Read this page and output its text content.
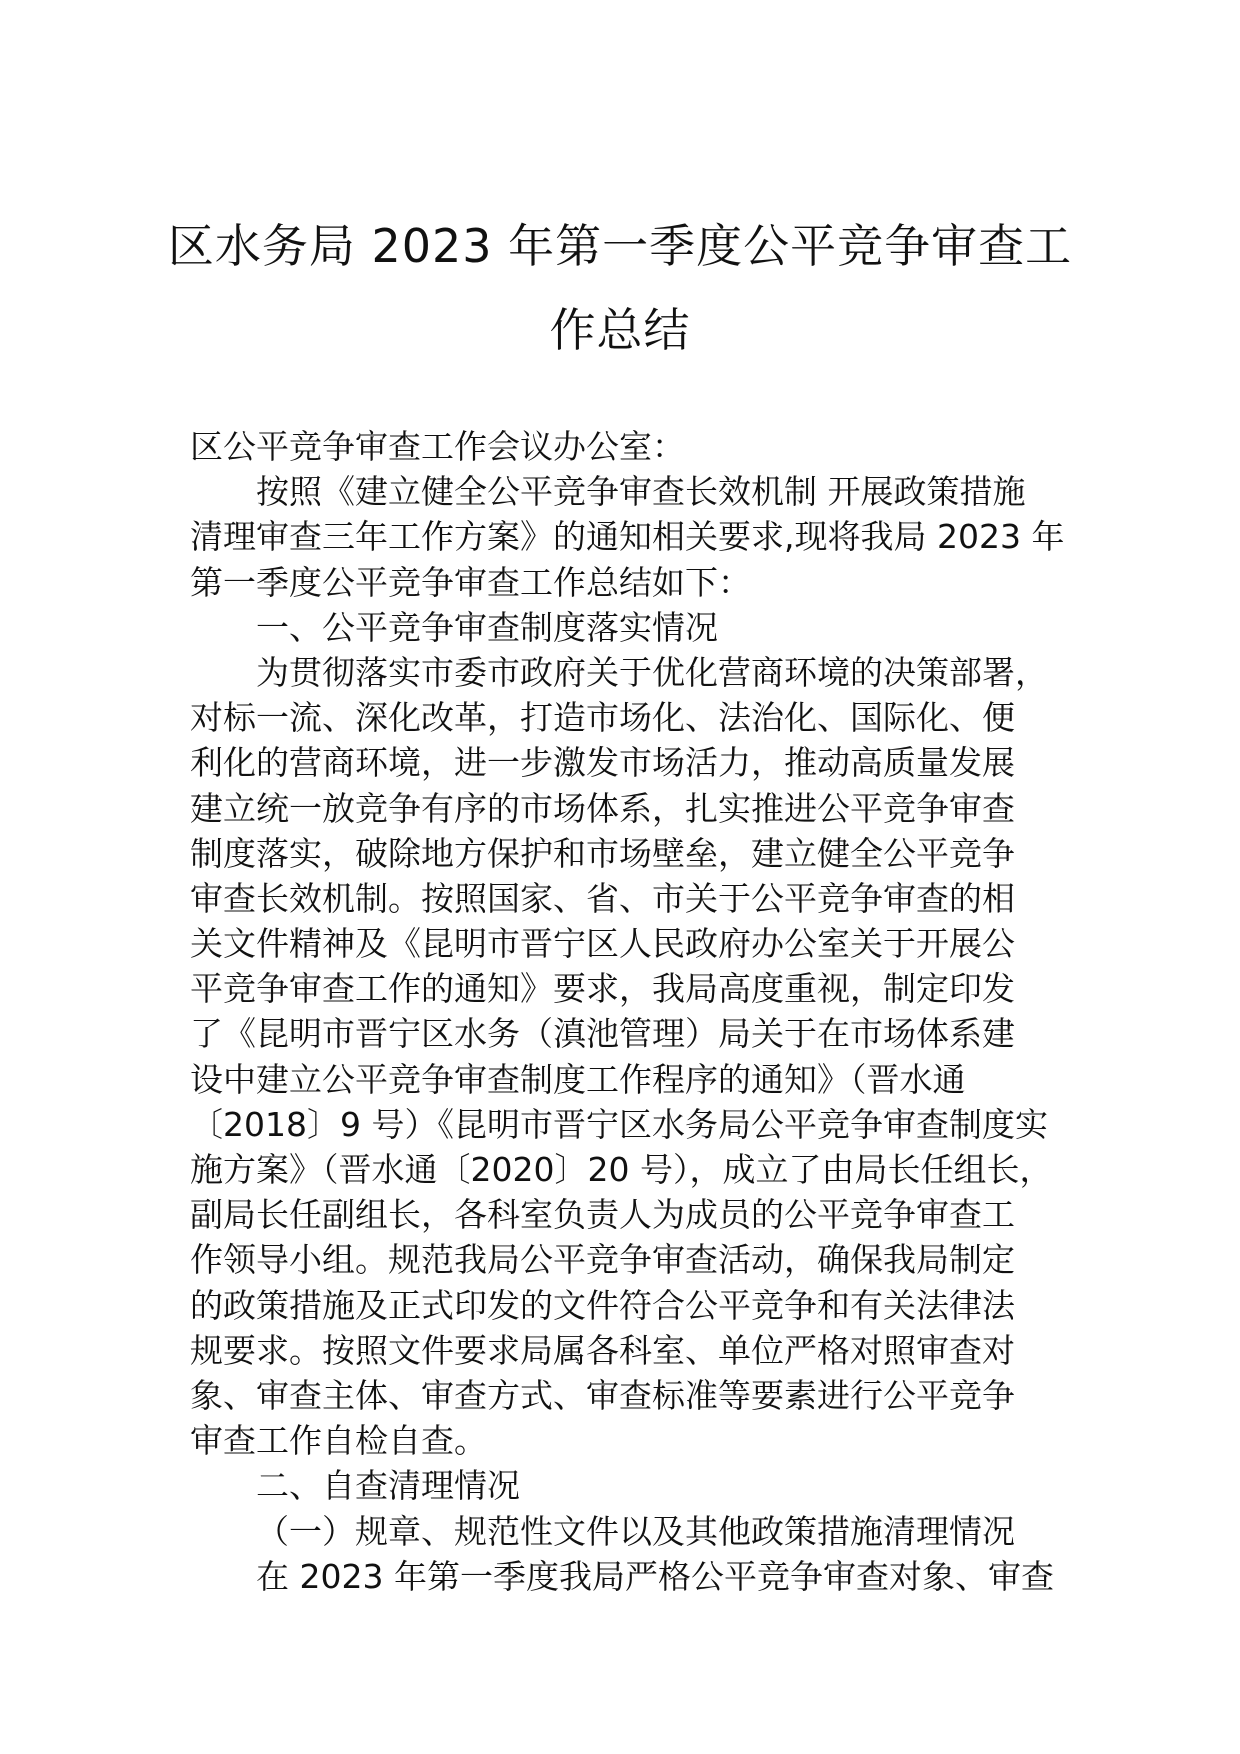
区水务局 2023 年第一季度公平竞争审查工
作总结
区公平竞争审查工作会议办公室：
按照《建立健全公平竞争审查长效机制 开展政策措施
清理审查三年工作方案》的通知相关要求,现将我局 2023 年
第一季度公平竞争审查工作总结如下：
一、公平竞争审查制度落实情况
为贯彻落实市委市政府关于优化营商环境的决策部署，
对标一流、深化改革，打造市场化、法治化、国际化、便
利化的营商环境，进一步激发市场活力，推动高质量发展
建立统一放竞争有序的市场体系，扎实推进公平竞争审查
制度落实，破除地方保护和市场壁垒，建立健全公平竞争
审查长效机制。按照国家、省、市关于公平竞争审查的相
关文件精神及《昆明市晋宁区人民政府办公室关于开展公
平竞争审查工作的通知》要求，我局高度重视，制定印发
了《昆明市晋宁区水务（滇池管理）局关于在市场体系建
设中建立公平竞争审查制度工作程序的通知》（晋水通
〔2018〕9 号）《昆明市晋宁区水务局公平竞争审查制度实
施方案》（晋水通〔2020〕20 号），成立了由局长任组长，
副局长任副组长，各科室负责人为成员的公平竞争审查工
作领导小组。规范我局公平竞争审查活动，确保我局制定
的政策措施及正式印发的文件符合公平竞争和有关法律法
规要求。按照文件要求局属各科室、单位严格对照审查对
象、审查主体、审查方式、审查标准等要素进行公平竞争
审查工作自检自查。
二、自查清理情况
（一）规章、规范性文件以及其他政策措施清理情况
在 2023 年第一季度我局严格公平竞争审查对象、审查
